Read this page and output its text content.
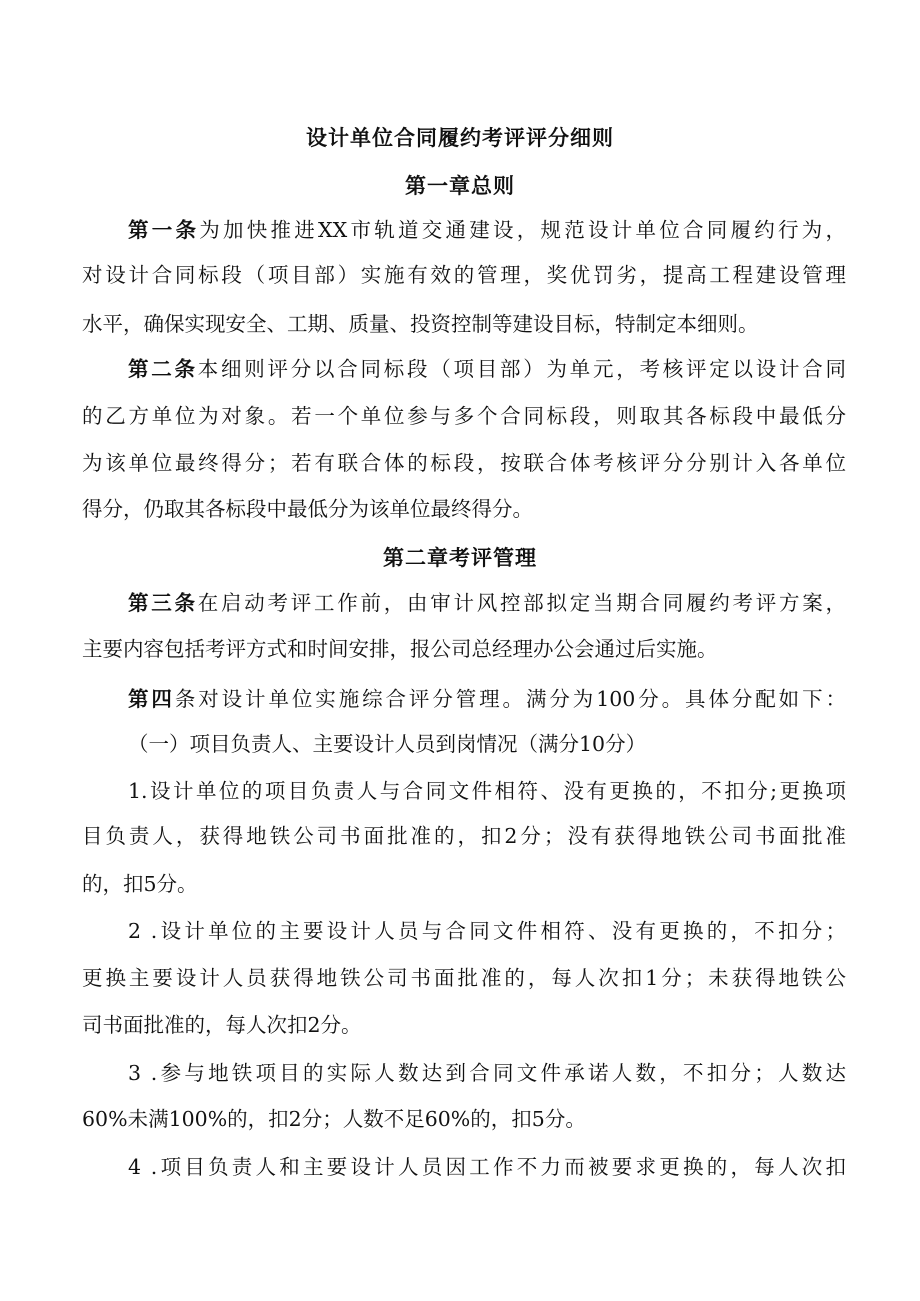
设计单位合同履约考评评分细则
第一章总则
第一条为加快推进XX市轨道交通建设，规范设计单位合同履约行为，
对设计合同标段（项目部）实施有效的管理，奖优罚劣，提高工程建设管理
水平，确保实现安全、工期、质量、投资控制等建设目标，特制定本细则。
第二条本细则评分以合同标段（项目部）为单元，考核评定以设计合同
的乙方单位为对象。若一个单位参与多个合同标段，则取其各标段中最低分
为该单位最终得分；若有联合体的标段，按联合体考核评分分别计入各单位
得分，仍取其各标段中最低分为该单位最终得分。
第二章考评管理
第三条在启动考评工作前，由审计风控部拟定当期合同履约考评方案，
主要内容包括考评方式和时间安排，报公司总经理办公会通过后实施。
第四条对设计单位实施综合评分管理。满分为100分。具体分配如下：
（一）项目负责人、主要设计人员到岗情况（满分10分）
1.设计单位的项目负责人与合同文件相符、没有更换的，不扣分;更换项
目负责人，获得地铁公司书面批准的，扣2分；没有获得地铁公司书面批准
的，扣5分。
2 .设计单位的主要设计人员与合同文件相符、没有更换的，不扣分；
更换主要设计人员获得地铁公司书面批准的，每人次扣1分；未获得地铁公
司书面批准的，每人次扣2分。
3 .参与地铁项目的实际人数达到合同文件承诺人数，不扣分；人数达
60%未满100%的，扣2分；人数不足60%的，扣5分。
4 .项目负责人和主要设计人员因工作不力而被要求更换的，每人次扣
